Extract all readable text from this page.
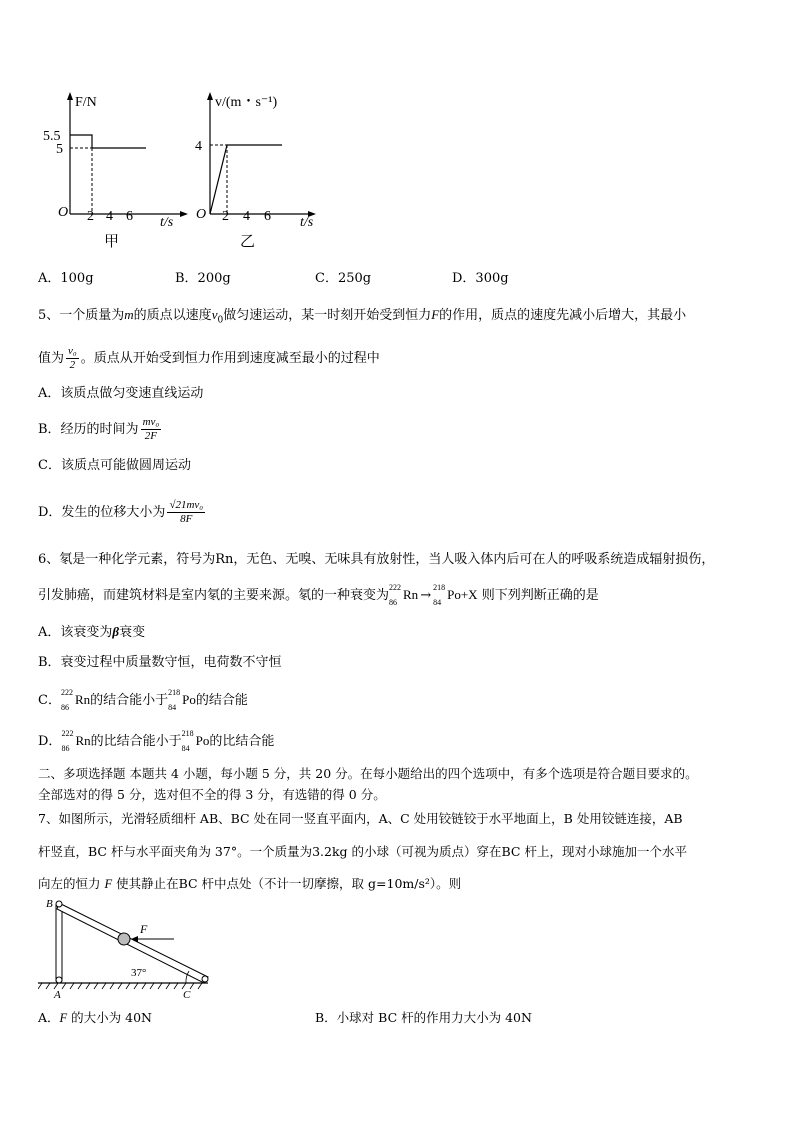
F/N
5.5
5
O 2 4 6 t/s
甲
v/(m・s⁻¹)
4
O 2 4 6 t/s
乙
A．100g	B．200g	C．250g	D．300g
5、一个质量为m的质点以速度$v_0$做匀速运动，某一时刻开始受到恒力F的作用，质点的速度先减小后增大，其最小
值为 $\frac{\text{v₀}}{2}$ 。质点从开始受到恒力作用到速度减至最小的过程中
A．该质点做匀变速直线运动
B．经历的时间为 $\frac{\text{mv₀}}{2F}$
C．该质点可能做圆周运动
D．发生的位移大小为 $\frac{\text{√21mv₀}}{8F}$
6、氡是一种化学元素，符号为Rn，无色、无嗅、无味具有放射性，当人吸入体内后可在人的呼吸系统造成辐射损伤，
引发肺癌，而建筑材料是室内氡的主要来源。氡的一种衰变为
222
86
Rn →
218
84
Po+X 则下列判断正确的是
A．该衰变为β衰变
B．衰变过程中质量数守恒，电荷数不守恒
C．
222
86
Rn的结合能小于
218
84
Po的结合能
D．
222
86
Rn的比结合能小于
218
84
Po的比结合能
二、多项选择题 本题共 4 小题，每小题 5 分，共 20 分。在每小题给出的四个选项中，有多个选项是符合题目要求的。
全部选对的得 5 分，选对但不全的得 3 分，有选错的得 0 分。
7、如图所示，光滑轻质细杆 AB、BC 处在同一竖直平面内，A、C 处用铰链铰于水平地面上，B 处用铰链连接，AB
杆竖直，BC 杆与水平面夹角为 37°。一个质量为3.2kg 的小球（可视为质点）穿在BC 杆上，现对小球施加一个水平
向左的恒力 F 使其静止在BC 杆中点处（不计一切摩擦，取 g=10m/s²）。则
B
A	C
F
37°
A．F 的大小为 40N	B．小球对 BC 杆的作用力大小为 40N
